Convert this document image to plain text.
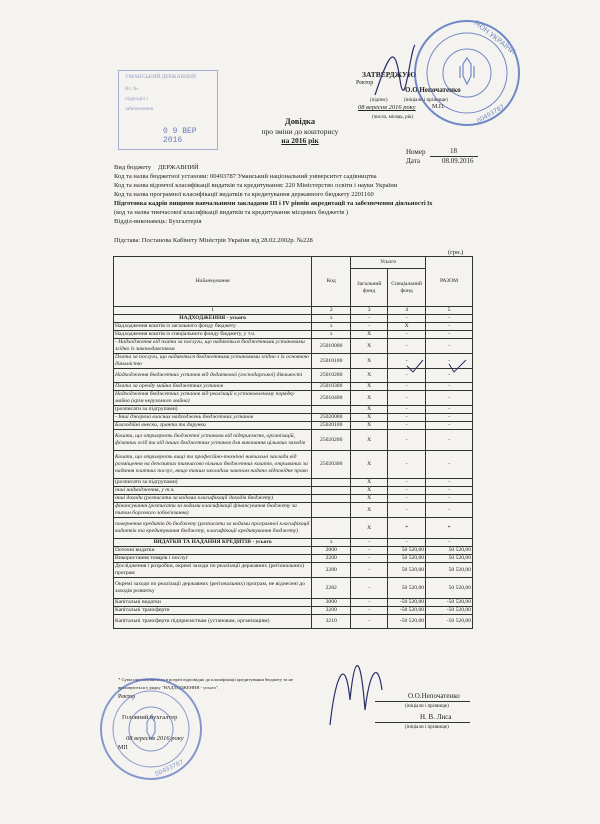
УМАНСЬКИЙ ДЕРЖАВНИЙ
0 9 ВЕР 2016
Вх. №
підрозділ з
забезпечення
ЗАТВЕРДЖУЮ
Ректор
О.О.Непочатенко
(підпис)	(ініціали і прізвище)
08 вересня 2016 року	М.П.
(число, місяць, рік)
Довідка
про зміни до кошторису
на 2016 рік
Номер	18
Дата	08.09.2016
Вид бюджету ДЕРЖАВНИЙ
Код та назва бюджетної установи: 00493787 Уманський національний університет садівництва
Код та назва відомчої класифікації видатків та кредитування: 220 Міністерство освіти і науки України
Код та назва програмної класифікації видатків та кредитування державного бюджету 2201160
Підготовка кадрів вищими навчальними закладами ІІІ і IV рівнів акредитації та забезпечення діяльності їх
(код та назва тимчасової класифікації видатків та кредитування місцевих бюджетів )
Відділ-виконавець: Бухгалтерія
Підстава: Постанова Кабінету Міністрів України від 28.02.2002р. №228
(грн.)
Найменування	Код	Усього		РАЗОМ
		Загальний фонд	Спеціальний фонд	
1	2	3	4	5
НАДХОДЖЕННЯ - усього	х	-	-	-
Надходження коштів із загального фонду бюджету	х	-	Х	-
Надходження коштів із спеціального фонду бюджету, у т.ч.	х	Х	-	-
- Надходження від плати за послуги, що надаються бюджетними установами згідно із законодавством	25010000	Х	-	-
Плата за послуги, що надаються бюджетними установами згідно з їх основною діяльністю	25010100	Х	-	-
Надходження бюджетних установ від додаткової (господарської) діяльності	25010200	Х	-	-
Плата за оренду майна бюджетних установ	25010300	Х	-	-
Надходження бюджетних установ від реалізації в установленому порядку майна (крім нерухомого майна)	25010400	Х	-	-
(розписати за підгрупами)		Х	-	-
- Інші джерела власних надходжень бюджетних установ	25020000	Х	-	-
Благодійні внески, гранти та дарунки	25020100	Х	-	-
Кошти, що отримують бюджетні установи від підприємств, організацій, фізичних осіб та від інших бюджетних установ для виконання цільових заходів	25020200	Х	-	-
Кошти, що отримують вищі та професійно-технічні навчальні заклади від розміщення на депозитах тимчасово вільних бюджетних коштів, отриманих за надання платних послуг, якщо таким закладам законом надано відповідне право	25020300	Х	-	-
(розписати за підгрупами)		Х	-	-
інші надходження, у т.ч.		Х	-	-
інші доходи (розписати за кодами класифікації доходів бюджету)		Х	-	-
фінансування (розписати за кодами класифікації фінансування бюджету за типом боргового зобов'язання)		Х	-	-
повернення кредитів до бюджету (розписати за кодами програмної класифікації видатків та кредитування бюджету, класифікації кредитування бюджету)		Х	*	*
ВИДАТКИ ТА НАДАННЯ КРЕДИТІВ - усього	х	-	-	-
Поточні видатки	2000	-	50 520,00	50 520,00
Використання товарів і послуг	2200	-	50 520,00	50 520,00
Дослідження і розробки, окремі заходи по реалізації державних (регіональних) програм	2280	-	50 520,00	50 520,00
Окремі заходи по реалізації державних (регіональних) програм, не віднесені до заходів розвитку	2282	-	50 520,00	50 520,00
Капітальні видатки	3000	-	-50 520,00	-50 520,00
Капітальні трансферти	3200	-	-50 520,00	-50 520,00
Капітальні трансферти підприємствам (установам, організаціям)	3210	-	-50 520,00	-50 520,00
* Суми проставляються в розрізі відповідно до класифікації кредитування бюджету та не
враховуються у рядку "НАДХОДЖЕННЯ - усього".
Ректор	О.О.Непочатенко
(ініціали і прізвище)
Головний бухгалтер	Н. В. Лиса
(ініціали і прізвище)
08 вересня 2016 року
МП
МОН УКРАЇНИ
00493787
00493787
